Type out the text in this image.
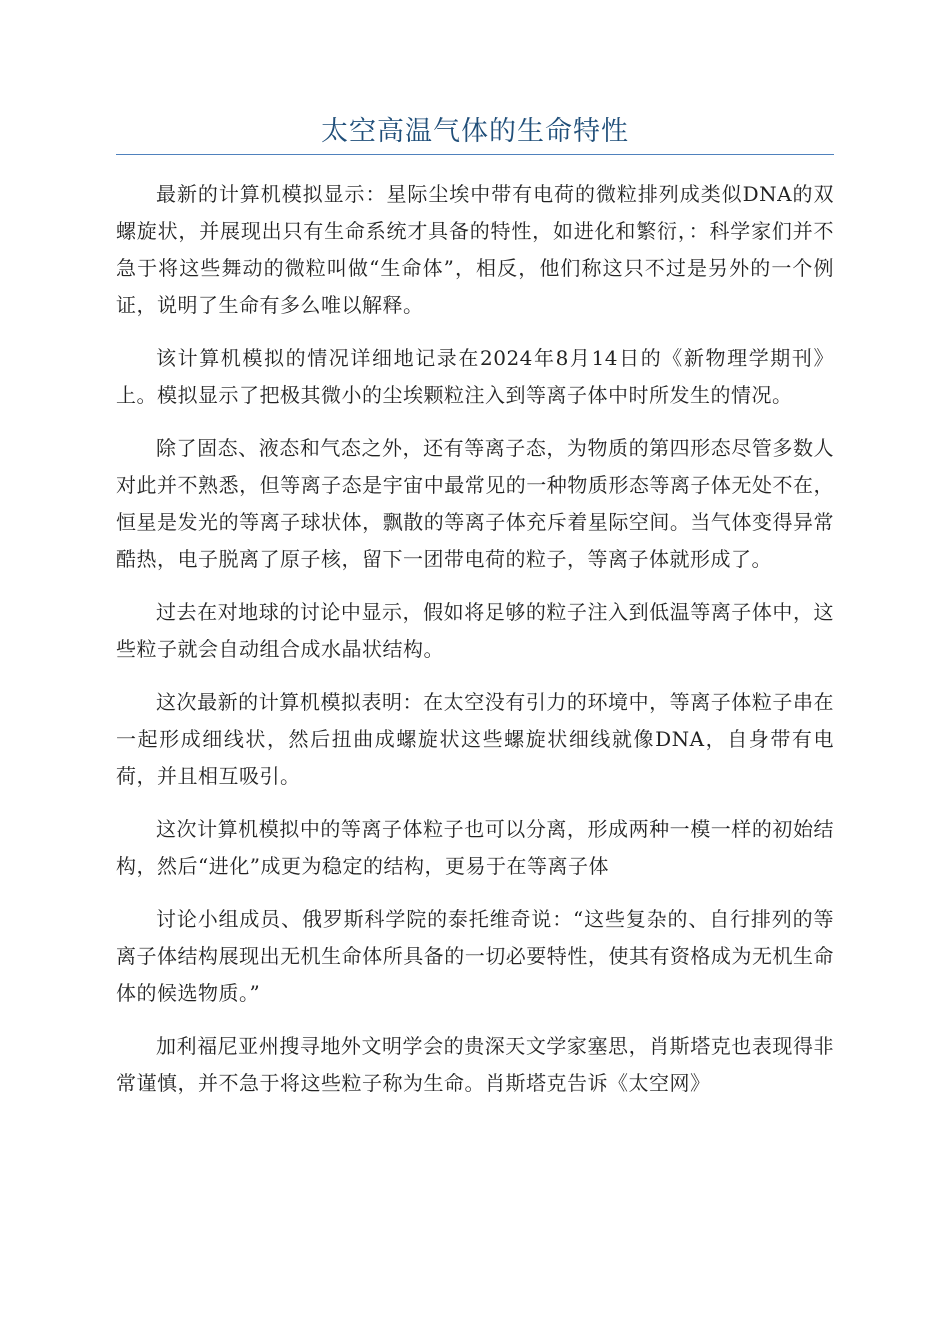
太空高温气体的生命特性

最新的计算机模拟显示：星际尘埃中带有电荷的微粒排列成类似DNA的双螺旋状，并展现出只有生命系统才具备的特性，如进化和繁衍，：科学家们并不急于将这些舞动的微粒叫做“生命体”，相反，他们称这只不过是另外的一个例证，说明了生命有多么唯以解释。

该计算机模拟的情况详细地记录在2024年8月14日的《新物理学期刊》上。模拟显示了把极其微小的尘埃颗粒注入到等离子体中时所发生的情况。

除了固态、液态和气态之外，还有等离子态，为物质的第四形态尽管多数人对此并不熟悉，但等离子态是宇宙中最常见的一种物质形态等离子体无处不在，恒星是发光的等离子球状体，飘散的等离子体充斥着星际空间。当气体变得异常酷热，电子脱离了原子核，留下一团带电荷的粒子，等离子体就形成了。

过去在对地球的讨论中显示，假如将足够的粒子注入到低温等离子体中，这些粒子就会自动组合成水晶状结构。

这次最新的计算机模拟表明：在太空没有引力的环境中，等离子体粒子串在一起形成细线状，然后扭曲成螺旋状这些螺旋状细线就像DNA，自身带有电荷，并且相互吸引。

这次计算机模拟中的等离子体粒子也可以分离，形成两种一模一样的初始结构，然后“进化”成更为稳定的结构，更易于在等离子体

讨论小组成员、俄罗斯科学院的泰托维奇说：“这些复杂的、自行排列的等离子体结构展现出无机生命体所具备的一切必要特性，使其有资格成为无机生命体的候选物质。”

加利福尼亚州搜寻地外文明学会的贵深天文学家塞思，肖斯塔克也表现得非常谨慎，并不急于将这些粒子称为生命。肖斯塔克告诉《太空网》
